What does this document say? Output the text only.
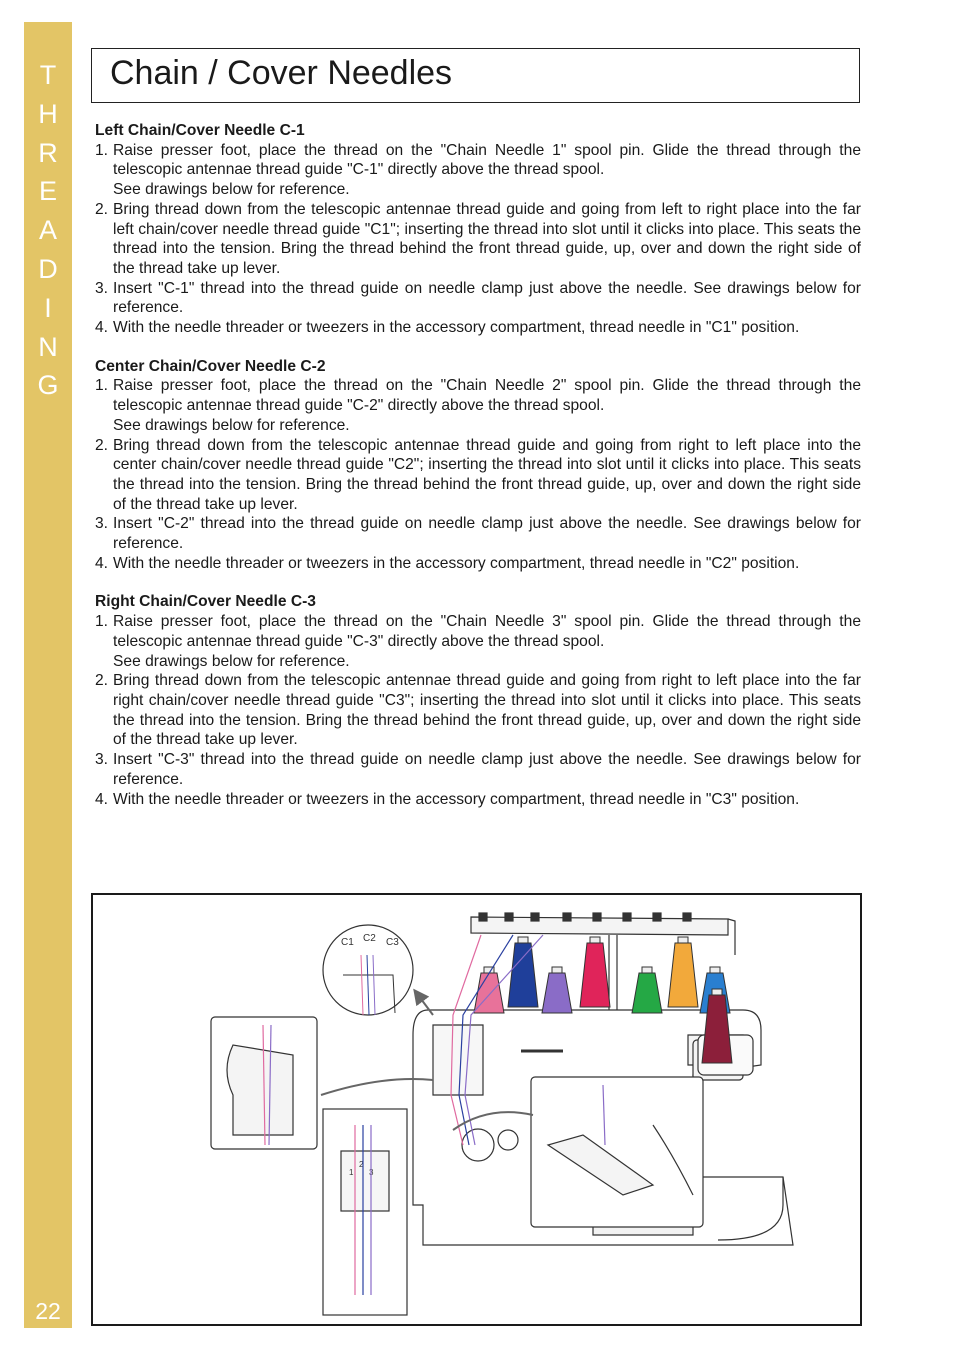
T
H
R
E
A
D
I
N
G
22
Chain / Cover Needles
Left Chain/Cover Needle C-1
1. Raise presser foot, place the thread on the "Chain Needle 1" spool pin. Glide the thread through the telescopic antennae thread guide "C-1" directly above the thread spool.
See drawings below for reference.
2. Bring thread down from the telescopic antennae thread guide and going from left to right place into the far left chain/cover needle thread guide "C1"; inserting the thread into slot until it clicks into place. This seats the thread into the tension. Bring the thread behind the front thread guide, up, over and down the right side of the thread take up lever.
3. Insert "C-1" thread into the thread guide on needle clamp just above the needle. See drawings below for reference.
4. With the needle threader or tweezers in the accessory compartment, thread needle in "C1" position.
Center Chain/Cover Needle C-2
1. Raise presser foot, place the thread on the "Chain Needle 2" spool pin. Glide the thread through the telescopic antennae thread guide "C-2" directly above the thread spool.
See drawings below for reference.
2. Bring thread down from the telescopic antennae thread guide and going from right to left place into the center chain/cover needle thread guide "C2"; inserting the thread into slot until it clicks into place. This seats the thread into the tension. Bring the thread behind the front thread guide, up, over and down the right side of the thread take up lever.
3. Insert "C-2" thread into the thread guide on needle clamp just above the needle. See drawings below for reference.
4. With the needle threader or tweezers in the accessory compartment, thread needle in "C2" position.
Right Chain/Cover Needle C-3
1. Raise presser foot, place the thread on the "Chain Needle 3" spool pin. Glide the thread through the telescopic antennae thread guide "C-3" directly above the thread spool.
See drawings below for reference.
2. Bring thread down from the telescopic antennae thread guide and going from right to left place into the far right chain/cover needle thread guide "C3"; inserting the thread into slot until it clicks into place. This seats the thread into the tension. Bring the thread behind the front thread guide, up, over and down the right side of the thread take up lever.
3. Insert "C-3" thread into the thread guide on needle clamp just above the needle. See drawings below for reference.
4. With the needle threader or tweezers in the accessory compartment, thread needle in "C3" position.
C1 C2 C3
1
2
3
